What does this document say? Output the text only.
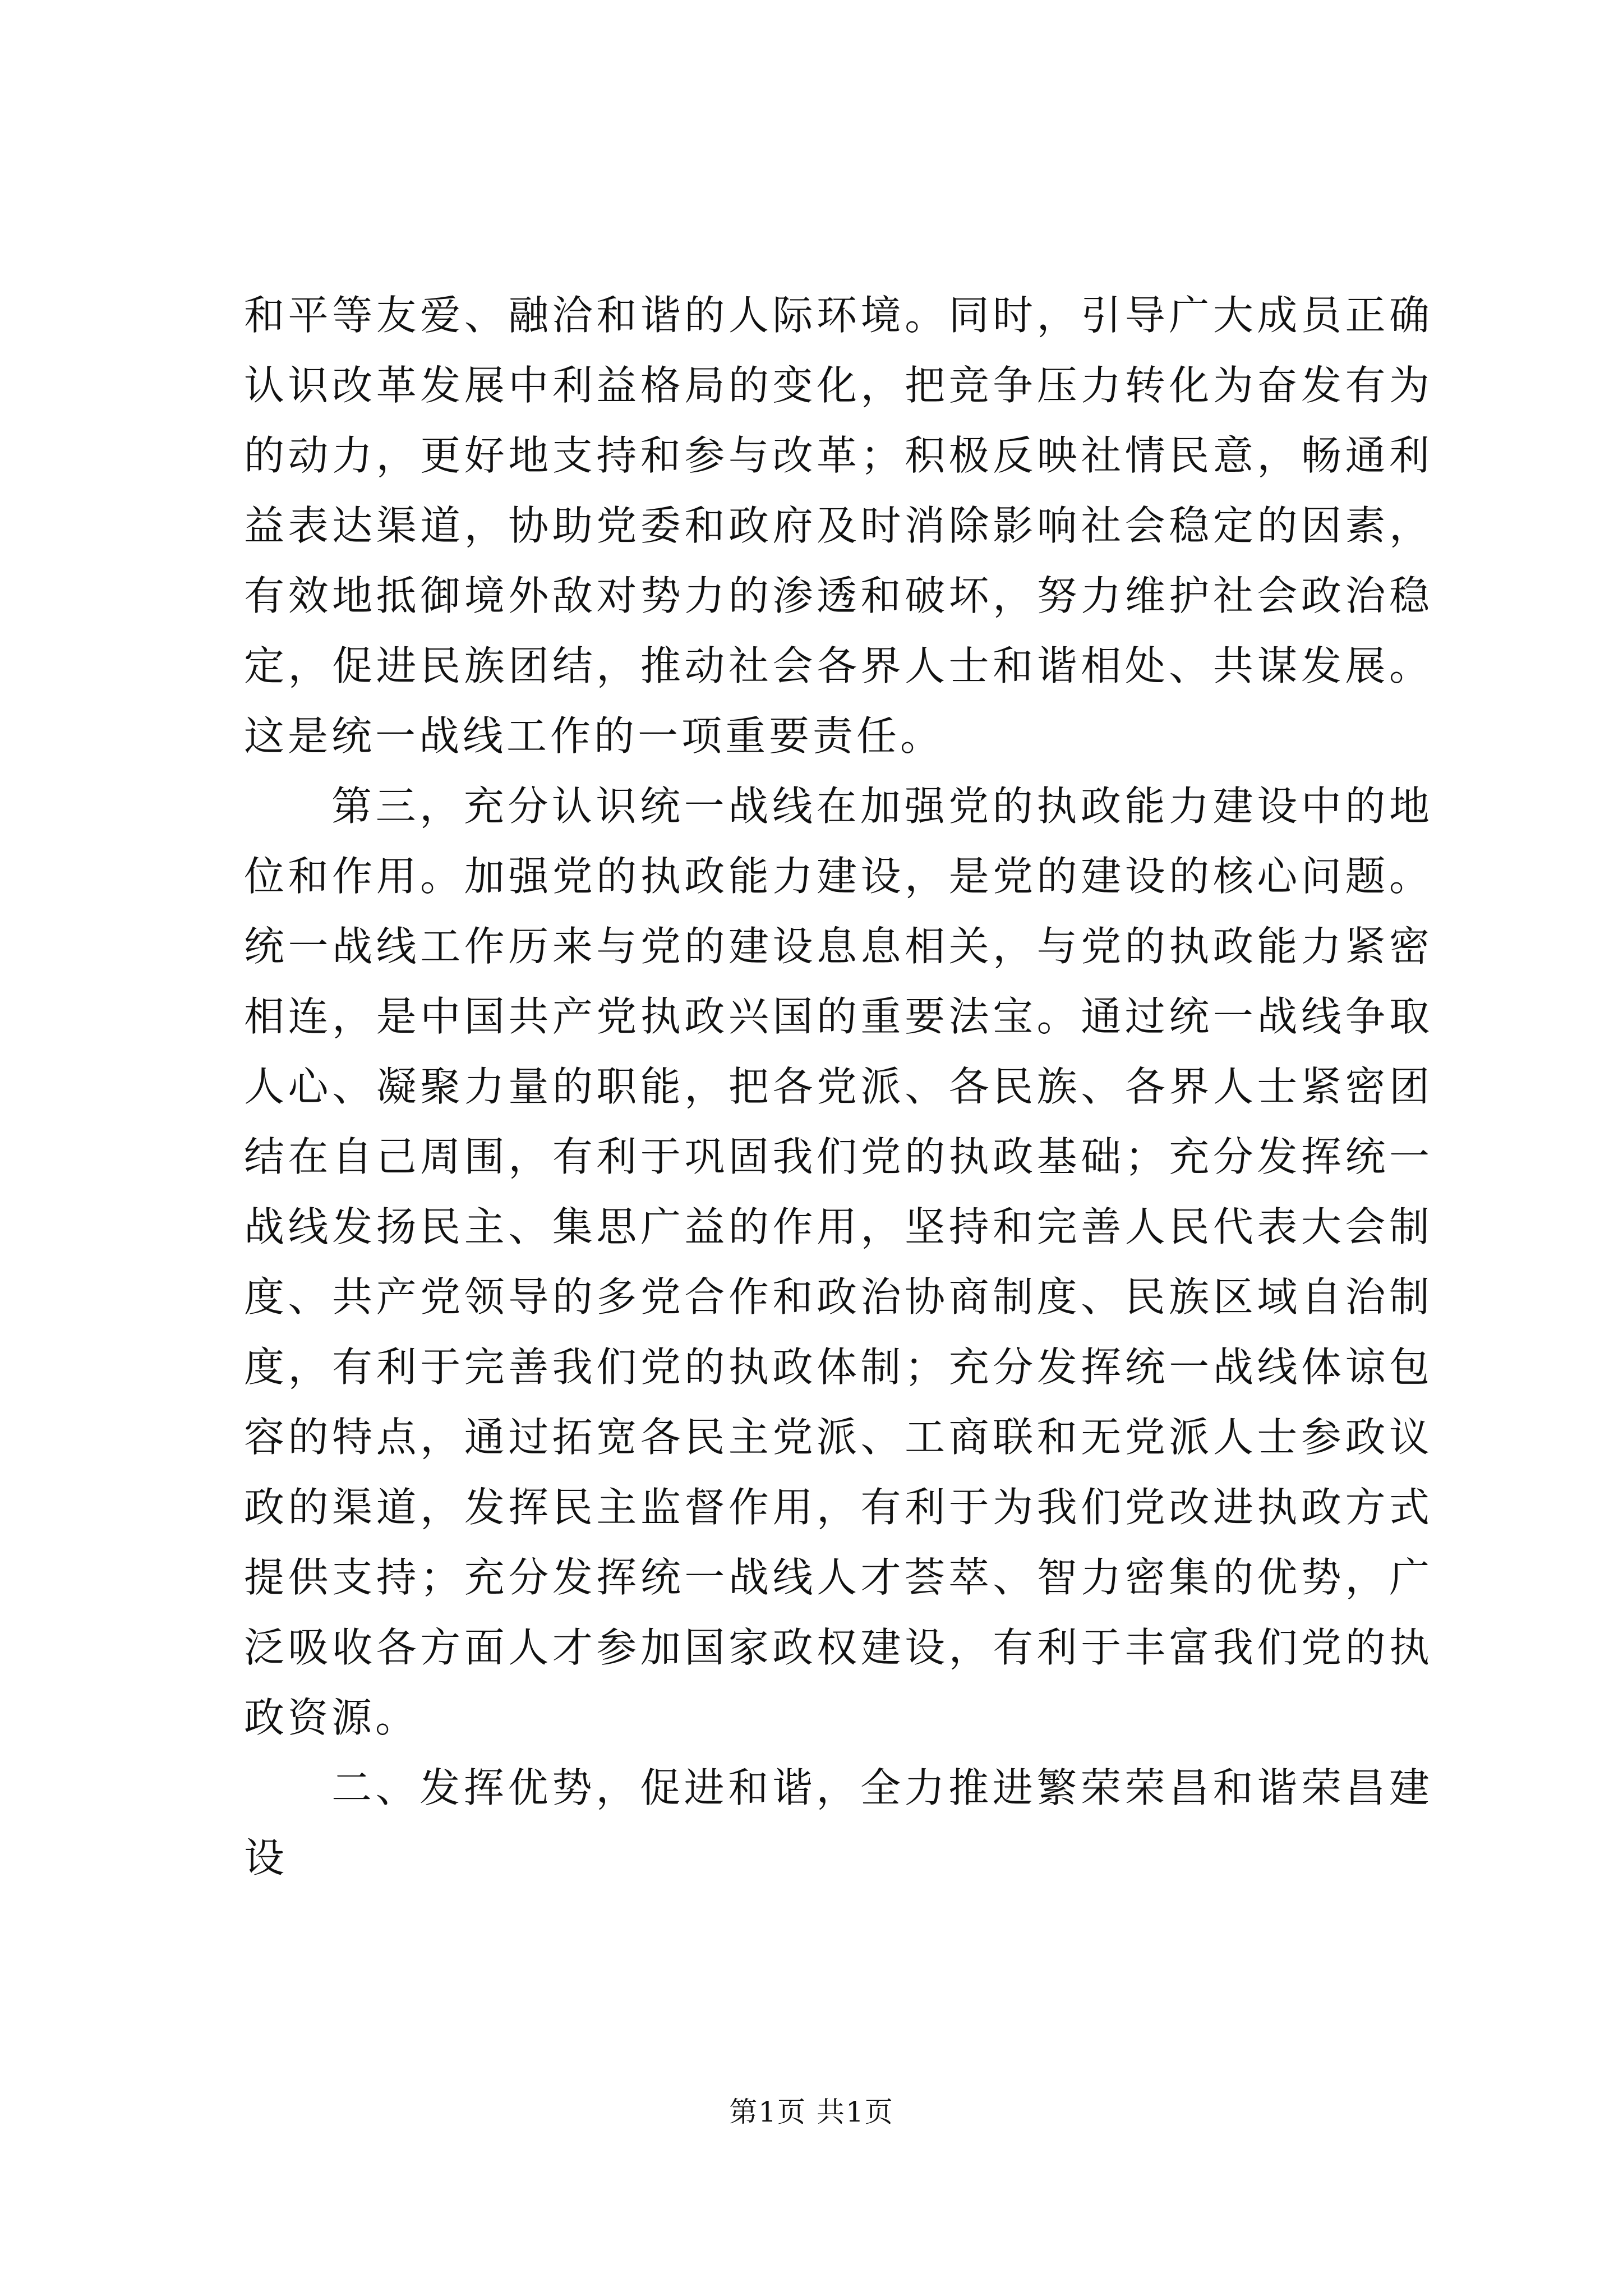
和平等友爱、融洽和谐的人际环境。同时，引导广大成员正确认识改革发展中利益格局的变化，把竞争压力转化为奋发有为的动力，更好地支持和参与改革；积极反映社情民意，畅通利益表达渠道，协助党委和政府及时消除影响社会稳定的因素，有效地抵御境外敌对势力的渗透和破坏，努力维护社会政治稳定，促进民族团结，推动社会各界人士和谐相处、共谋发展。这是统一战线工作的一项重要责任。

第三，充分认识统一战线在加强党的执政能力建设中的地位和作用。加强党的执政能力建设，是党的建设的核心问题。统一战线工作历来与党的建设息息相关，与党的执政能力紧密相连，是中国共产党执政兴国的重要法宝。通过统一战线争取人心、凝聚力量的职能，把各党派、各民族、各界人士紧密团结在自己周围，有利于巩固我们党的执政基础；充分发挥统一战线发扬民主、集思广益的作用，坚持和完善人民代表大会制度、共产党领导的多党合作和政治协商制度、民族区域自治制度，有利于完善我们党的执政体制；充分发挥统一战线体谅包容的特点，通过拓宽各民主党派、工商联和无党派人士参政议政的渠道，发挥民主监督作用，有利于为我们党改进执政方式提供支持；充分发挥统一战线人才荟萃、智力密集的优势，广泛吸收各方面人才参加国家政权建设，有利于丰富我们党的执政资源。

二、发挥优势，促进和谐，全力推进繁荣荣昌和谐荣昌建设

第1页 共1页
